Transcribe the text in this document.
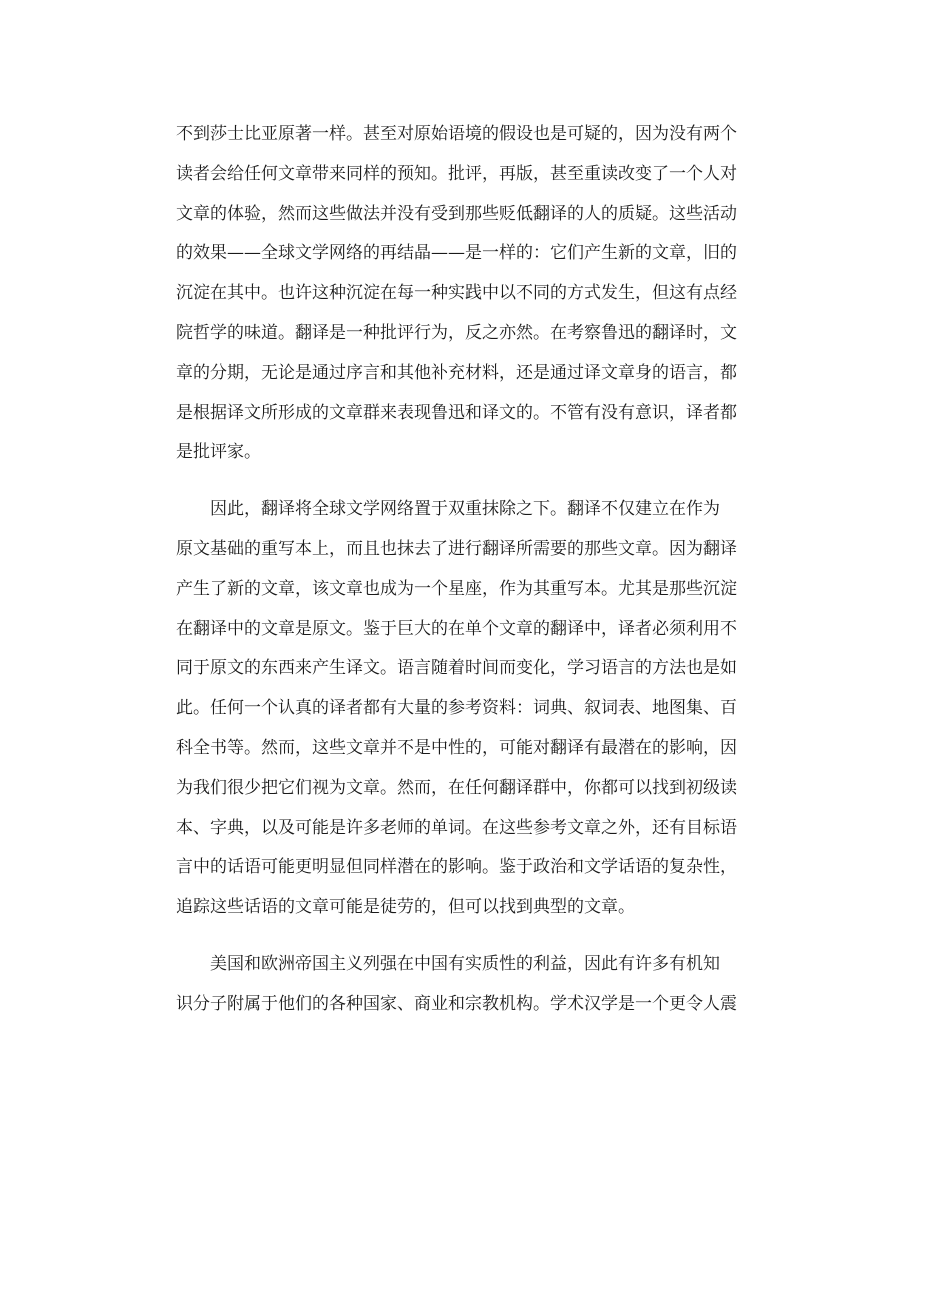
不到莎士比亚原著一样。甚至对原始语境的假设也是可疑的，因为没有两个
读者会给任何文章带来同样的预知。批评，再版，甚至重读改变了一个人对
文章的体验，然而这些做法并没有受到那些贬低翻译的人的质疑。这些活动
的效果——全球文学网络的再结晶——是一样的：它们产生新的文章，旧的
沉淀在其中。也许这种沉淀在每一种实践中以不同的方式发生，但这有点经
院哲学的味道。翻译是一种批评行为，反之亦然。在考察鲁迅的翻译时，文
章的分期，无论是通过序言和其他补充材料，还是通过译文章身的语言，都
是根据译文所形成的文章群来表现鲁迅和译文的。不管有没有意识，译者都
是批评家。
因此，翻译将全球文学网络置于双重抹除之下。翻译不仅建立在作为
原文基础的重写本上，而且也抹去了进行翻译所需要的那些文章。因为翻译
产生了新的文章，该文章也成为一个星座，作为其重写本。尤其是那些沉淀
在翻译中的文章是原文。鉴于巨大的在单个文章的翻译中，译者必须利用不
同于原文的东西来产生译文。语言随着时间而变化，学习语言的方法也是如
此。任何一个认真的译者都有大量的参考资料：词典、叙词表、地图集、百
科全书等。然而，这些文章并不是中性的，可能对翻译有最潜在的影响，因
为我们很少把它们视为文章。然而，在任何翻译群中，你都可以找到初级读
本、字典，以及可能是许多老师的单词。在这些参考文章之外，还有目标语
言中的话语可能更明显但同样潜在的影响。鉴于政治和文学话语的复杂性，
追踪这些话语的文章可能是徒劳的，但可以找到典型的文章。
美国和欧洲帝国主义列强在中国有实质性的利益，因此有许多有机知
识分子附属于他们的各种国家、商业和宗教机构。学术汉学是一个更令人震
